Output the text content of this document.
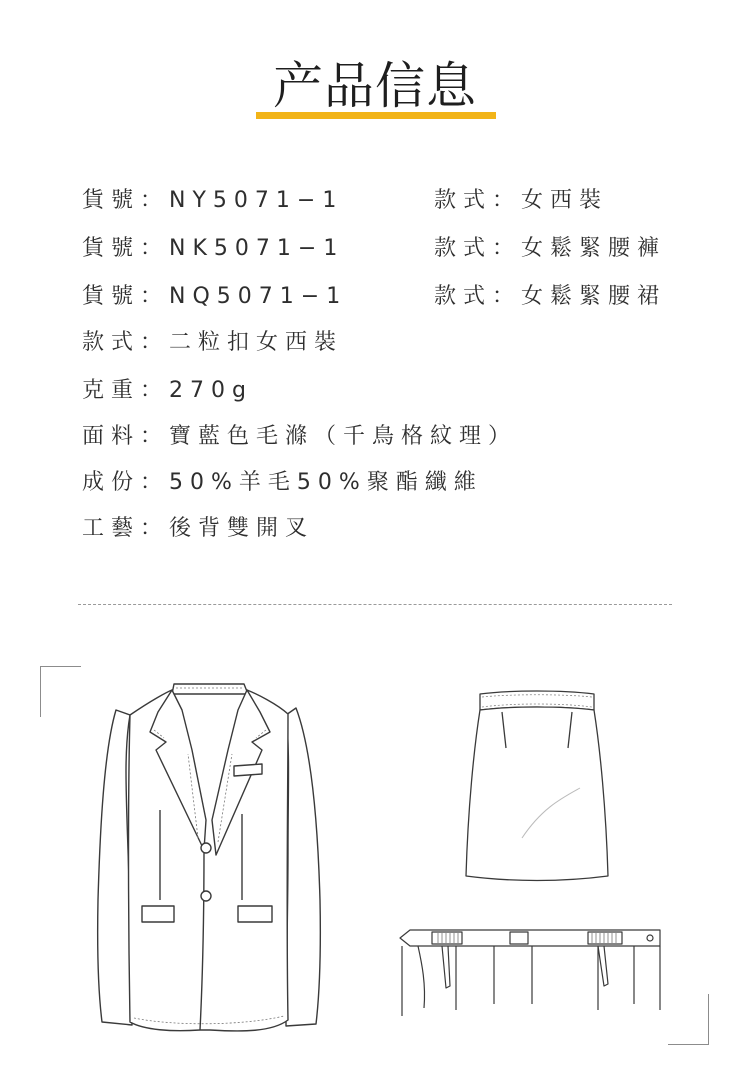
产品信息
貨號：NY5071−1
貨號：NK5071−1
貨號：NQ5071−1
款式：二粒扣女西裝
克重：270g
面料：寶藍色毛滌（千鳥格紋理）
成份：50%羊毛50%聚酯纖維
工藝：後背雙開叉
款式：女西裝
款式：女鬆緊腰褲
款式：女鬆緊腰裙
